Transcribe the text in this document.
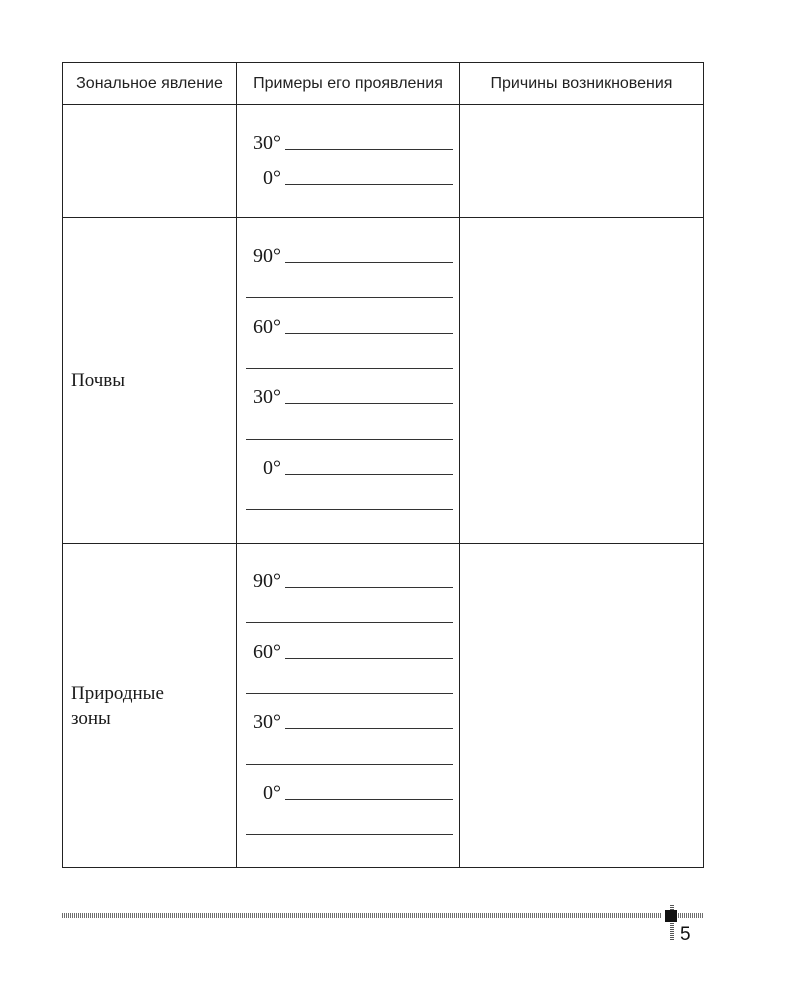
Зональное явление	Примеры его проявления	Причины возникновения
30°
0°
Почвы
90°
60°
30°
0°
Природные
зоны
90°
60°
30°
0°
5
